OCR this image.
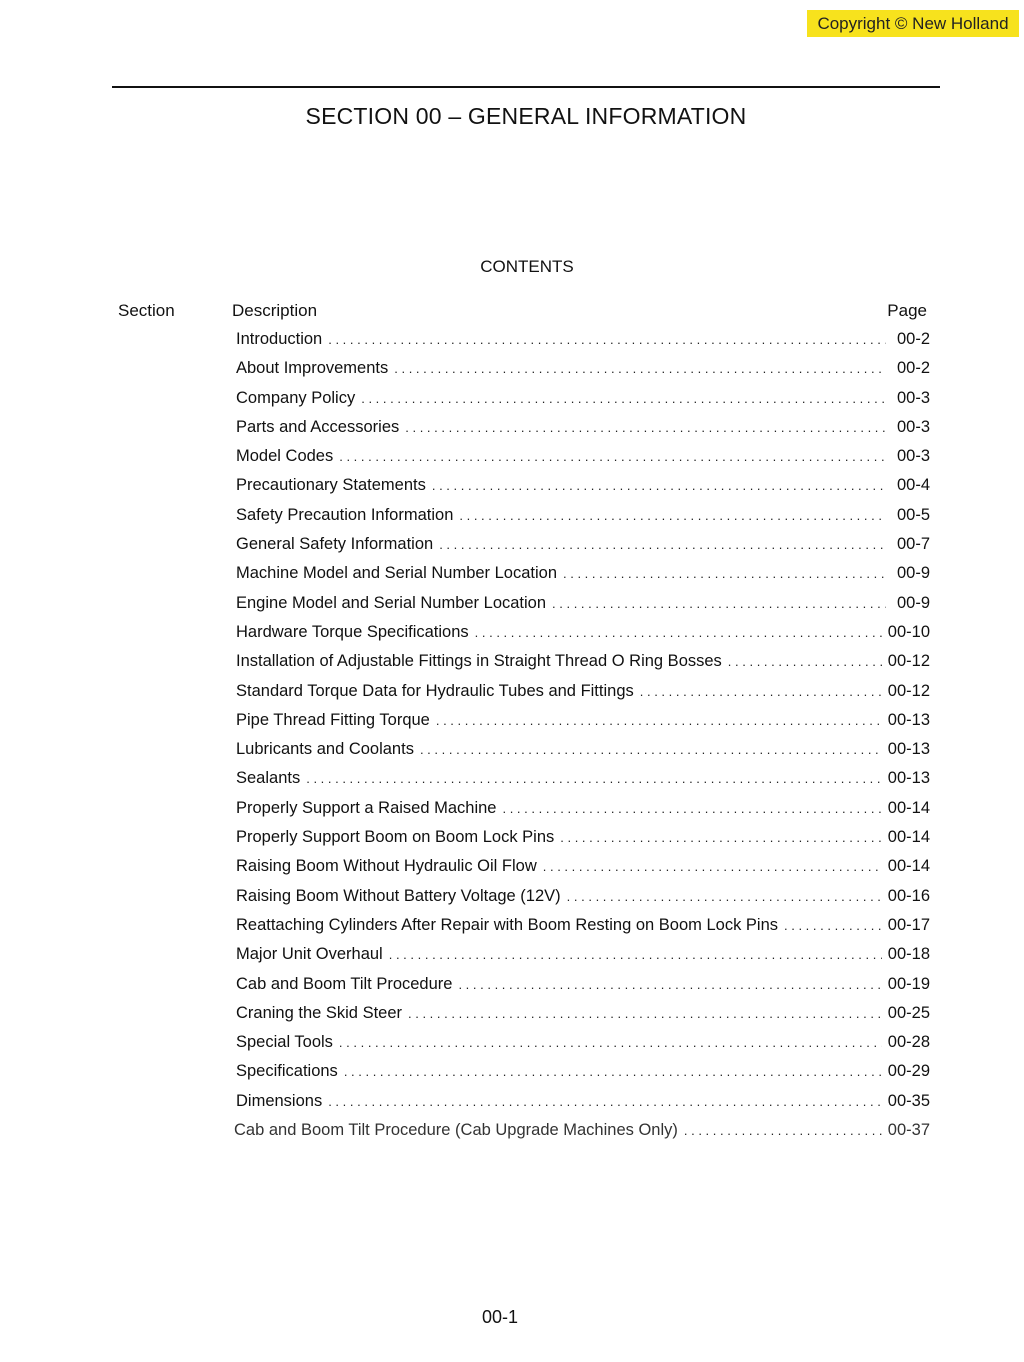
Copyright © New Holland
SECTION 00 – GENERAL INFORMATION
CONTENTS
Section	Description	Page
Introduction . . .	00-2
About Improvements . . .	00-2
Company Policy . . .	00-3
Parts and Accessories . . .	00-3
Model Codes . . .	00-3
Precautionary Statements . . .	00-4
Safety Precaution Information . . .	00-5
General Safety Information . . .	00-7
Machine Model and Serial Number Location . . .	00-9
Engine Model and Serial Number Location . . .	00-9
Hardware Torque Specifications . . .	00-10
Installation of Adjustable Fittings in Straight Thread O Ring Bosses . . .	00-12
Standard Torque Data for Hydraulic Tubes and Fittings . . .	00-12
Pipe Thread Fitting Torque . . .	00-13
Lubricants and Coolants . . .	00-13
Sealants . . .	00-13
Properly Support a Raised Machine . . .	00-14
Properly Support Boom on Boom Lock Pins . . .	00-14
Raising Boom Without Hydraulic Oil Flow . . .	00-14
Raising Boom Without Battery Voltage (12V) . . .	00-16
Reattaching Cylinders After Repair with Boom Resting on Boom Lock Pins . . .	00-17
Major Unit Overhaul . . .	00-18
Cab and Boom Tilt Procedure . . .	00-19
Craning the Skid Steer . . .	00-25
Special Tools . . .	00-28
Specifications . . .	00-29
Dimensions . . .	00-35
Cab and Boom Tilt Procedure (Cab Upgrade Machines Only) . . .	00-37
00-1
